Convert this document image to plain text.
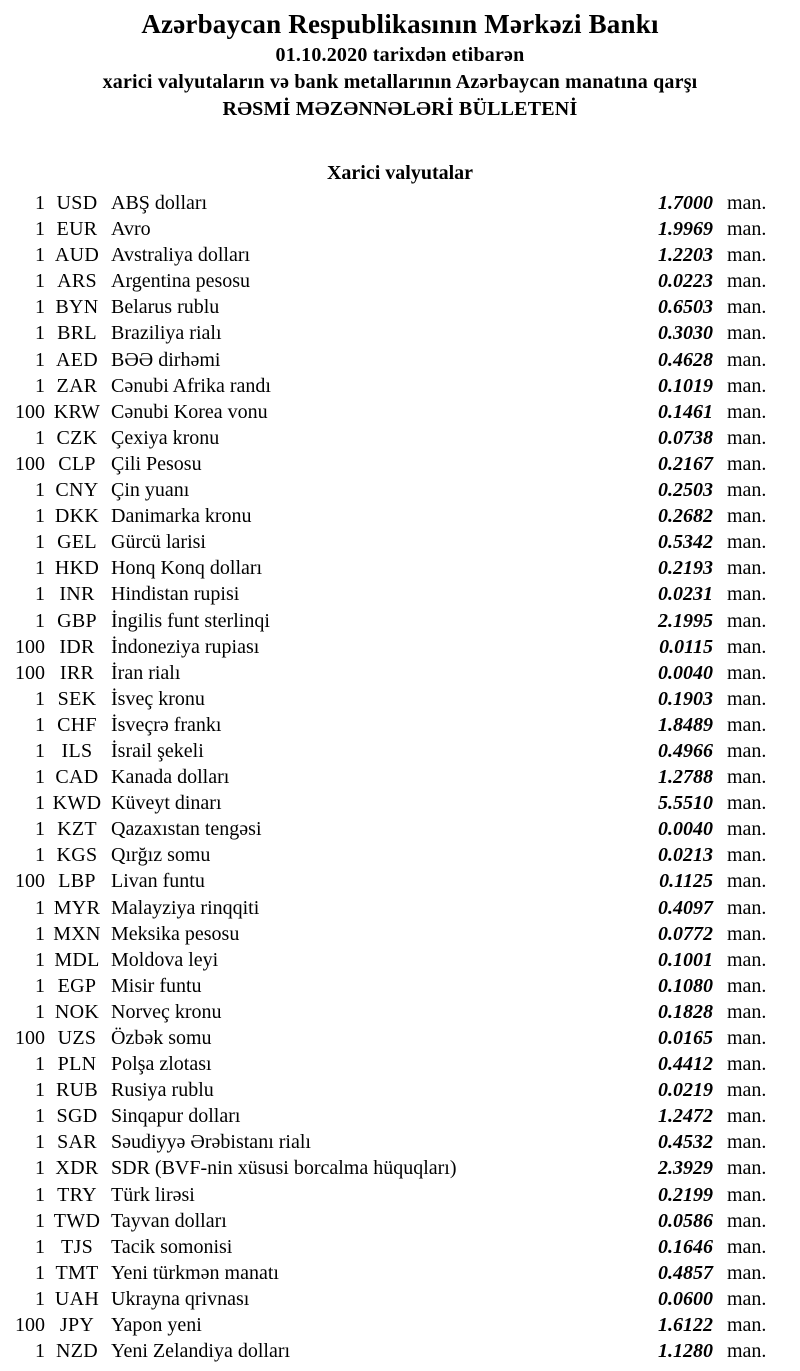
Azərbaycan Respublikasının Mərkəzi Bankı
01.10.2020 tarixdən etibarən
xarici valyutaların və bank metallarının Azərbaycan manatına qarşı
RƏSMİ MƏZƏNNƏLƏRİ BÜLLETENİ
Xarici valyutalar
1 USD ABŞ dolları	1.7000 man.
1 EUR Avro	1.9969 man.
1 AUD Avstraliya dolları	1.2203 man.
1 ARS Argentina pesosu	0.0223 man.
1 BYN Belarus rublu	0.6503 man.
1 BRL Braziliya rialı	0.3030 man.
1 AED BƏƏ dirhəmi	0.4628 man.
1 ZAR Cənubi Afrika randı	0.1019 man.
100 KRW Cənubi Korea vonu	0.1461 man.
1 CZK Çexiya kronu	0.0738 man.
100 CLP Çili Pesosu	0.2167 man.
1 CNY Çin yuanı	0.2503 man.
1 DKK Danimarka kronu	0.2682 man.
1 GEL Gürcü larisi	0.5342 man.
1 HKD Honq Konq dolları	0.2193 man.
1 INR Hindistan rupisi	0.0231 man.
1 GBP İngilis funt sterlinqi	2.1995 man.
100 IDR İndoneziya rupiası	0.0115 man.
100 IRR İran rialı	0.0040 man.
1 SEK İsveç kronu	0.1903 man.
1 CHF İsveçrə frankı	1.8489 man.
1 ILS İsrail şekeli	0.4966 man.
1 CAD Kanada dolları	1.2788 man.
1 KWD Küveyt dinarı	5.5510 man.
1 KZT Qazaxıstan tengəsi	0.0040 man.
1 KGS Qırğız somu	0.0213 man.
100 LBP Livan funtu	0.1125 man.
1 MYR Malayziya rinqqiti	0.4097 man.
1 MXN Meksika pesosu	0.0772 man.
1 MDL Moldova leyi	0.1001 man.
1 EGP Misir funtu	0.1080 man.
1 NOK Norveç kronu	0.1828 man.
100 UZS Özbək somu	0.0165 man.
1 PLN Polşa zlotası	0.4412 man.
1 RUB Rusiya rublu	0.0219 man.
1 SGD Sinqapur dolları	1.2472 man.
1 SAR Səudiyyə Ərəbistanı rialı	0.4532 man.
1 XDR SDR (BVF-nin xüsusi borcalma hüquqları)	2.3929 man.
1 TRY Türk lirəsi	0.2199 man.
1 TWD Tayvan dolları	0.0586 man.
1 TJS Tacik somonisi	0.1646 man.
1 TMT Yeni türkmən manatı	0.4857 man.
1 UAH Ukrayna qrivnası	0.0600 man.
100 JPY Yapon yeni	1.6122 man.
1 NZD Yeni Zelandiya dolları	1.1280 man.
